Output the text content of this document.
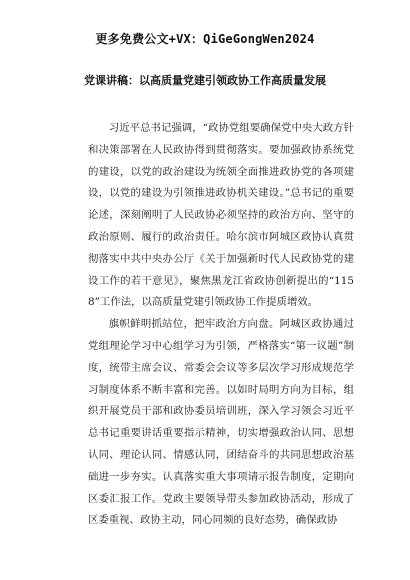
更多免费公文+VX：QiGeGongWen2024
党课讲稿：以高质量党建引领政协工作高质量发展

习近平总书记强调，“政协党组要确保党中央大政方针和决策部署在人民政协得到贯彻落实。要加强政协系统党的建设，以党的政治建设为统领全面推进政协党的各项建设，以党的建设为引领推进政协机关建设。”总书记的重要论述，深刻阐明了人民政协必须坚持的政治方向、坚守的政治原则、履行的政治责任。哈尔滨市阿城区政协认真贯彻落实中共中央办公厅《关于加强新时代人民政协党的建设工作的若干意见》，聚焦黑龙江省政协创新提出的“1158”工作法，以高质量党建引领政协工作提质增效。

旗帜鲜明抓站位，把牢政治方向盘。阿城区政协通过党组理论学习中心组学习为引领，严格落实“第一议题”制度，统带主席会议、常委会会议等多层次学习形成规范学习制度体系不断丰富和完善。以如时局明方向为目标，组织开展党员干部和政协委员培训班，深入学习领会习近平总书记重要讲话重要指示精神，切实增强政治认同、思想认同、理论认同、情感认同，团结奋斗的共同思想政治基础进一步夯实。认真落实重大事项请示报告制度，定期向区委汇报工作。党政主要领导带头参加政协活动，形成了区委重视、政协主动，同心同频的良好态势，确保政协
